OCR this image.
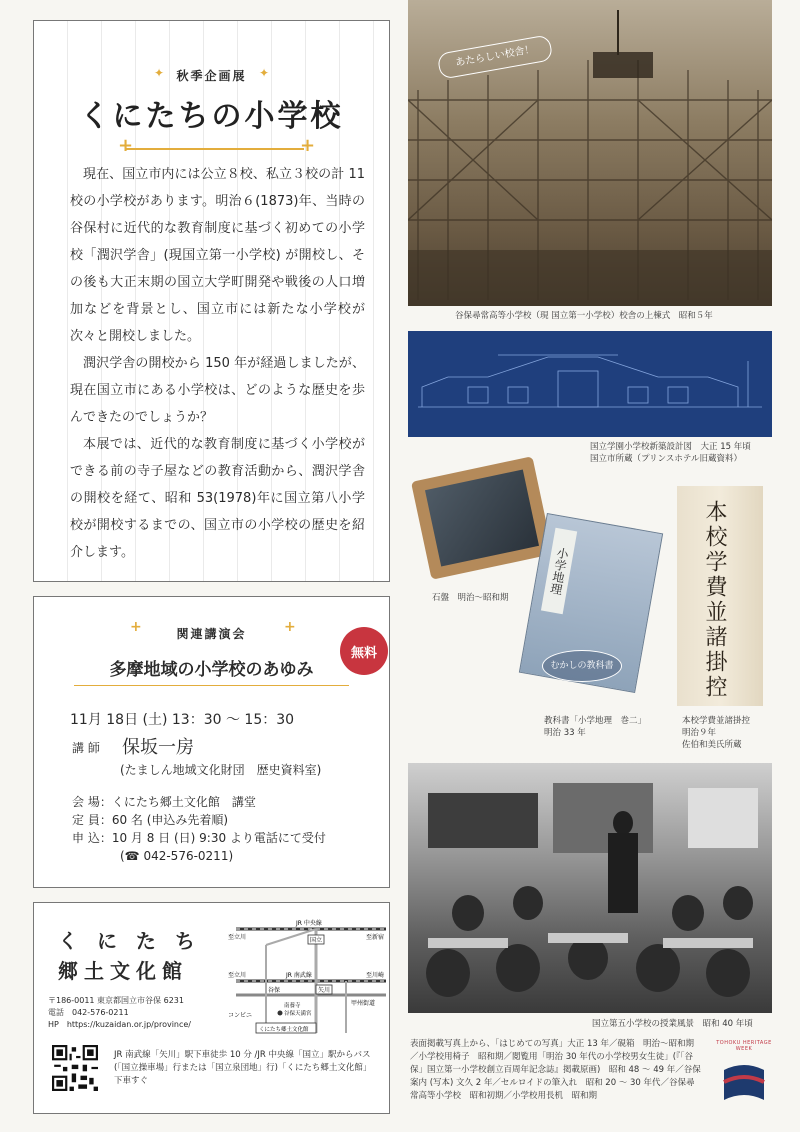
秋季企画展
✦	✦
くにたちの小学校
+	+

現在、国立市内には公立８校、私立３校の計 11 校の小学校があります。明治６(1873)年、当時の谷保村に近代的な教育制度に基づく初めての小学校「潤沢学舎」(現国立第一小学校) が開校し、その後も大正末期の国立大学町開発や戦後の人口増加などを背景とし、国立市には新たな小学校が次々と開校しました。

潤沢学舎の開校から 150 年が経過しましたが、現在国立市にある小学校は、どのような歴史を歩んできたのでしょうか？

本展では、近代的な教育制度に基づく小学校ができる前の寺子屋などの教育活動から、潤沢学舎の開校を経て、昭和 53(1978)年に国立第八小学校が開校するまでの、国立市の小学校の歴史を紹介します。

+	関連講演会	+
無料
多摩地域の小学校のあゆみ
11月 18日 (土) 13：30 ～ 15：30
講 師 保坂一房
(たましん地域文化財団　歴史資料室)
会 場：くにたち郷土文化館　講堂
定 員：60 名 (申込み先着順)
申 込：10 月 8 日 (日) 9:30 より電話にて受付
(☎ 042-576-0211)
く に た ち
郷土文化館
〒186-0011 東京都国立市谷保 6231
電話　042-576-0211
HP　https://kuzaidan.or.jp/province/
JR 中央線
至立川	至新宿
国立
JR 南武線
至立川	至川崎
矢川
谷保
甲州街道
南養寺
谷保天満宮
コンビニ
くにたち郷土文化館
JR 南武線「矢川」駅下車徒歩 10 分 /JR 中央線「国立」駅からバス (「国立操車場」行または「国立泉団地」行)「くにたち郷土文化館」下車すぐ
あたらしい校舎！
谷保尋常高等小学校（現 国立第一小学校）校舎の上棟式　昭和５年
国立学園小学校新築設計図　大正 15 年頃
国立市所蔵（プリンスホテル旧蔵資料）
石盤　明治〜昭和期
小学地理
むかしの教科書
教科書「小学地理　巻二」
明治 33 年
本校学費並諸掛控
本校学費並諸掛控
明治９年
佐伯和美氏所蔵
国立第五小学校の授業風景　昭和 40 年頃
表面掲載写真上から、「はじめての写真」大正 13 年／硯箱　明治〜昭和期／小学校用椅子　昭和期／閲覧用「明治 30 年代の小学校男女生徒」(『「谷保」国立第一小学校創立百周年記念誌』掲載原画)　昭和 48 〜 49 年／谷保案内 (写本) 文久 2 年／セルロイドの筆入れ　昭和 20 〜 30 年代／谷保尋常高等小学校　昭和初期／小学校用長机　昭和期
TOHOKU HERITAGE WEEK
